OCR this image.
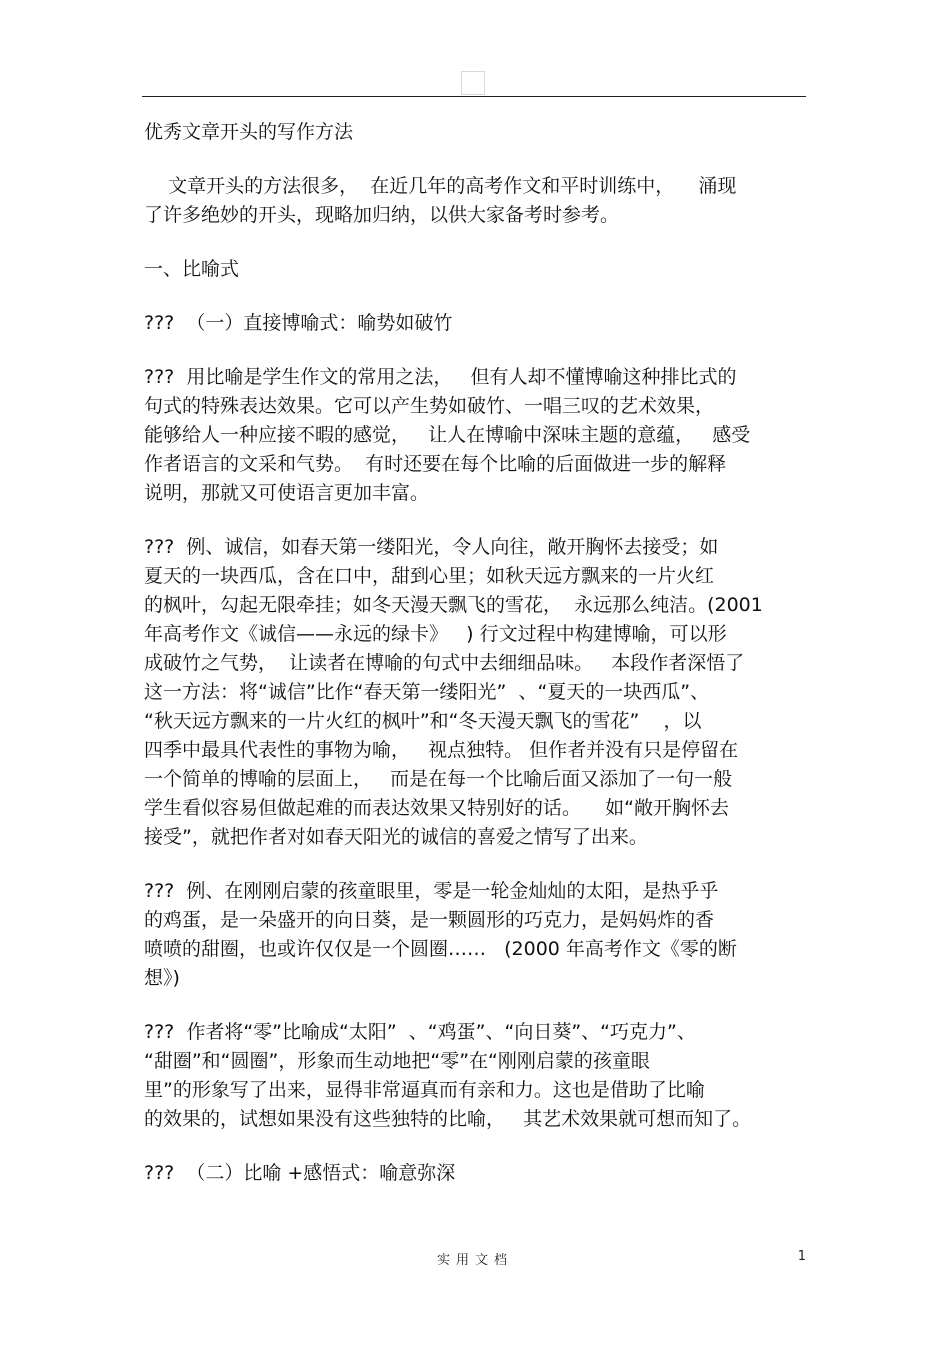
优秀文章开头的写作方法
文章开头的方法很多，  在近几年的高考作文和平时训练中，    涌现
了许多绝妙的开头，现略加归纳，以供大家备考时参考。
一、比喻式
???  （一）直接博喻式：喻势如破竹
???  用比喻是学生作文的常用之法，   但有人却不懂博喻这种排比式的
句式的特殊表达效果。它可以产生势如破竹、一唱三叹的艺术效果，
能够给人一种应接不暇的感觉，   让人在博喻中深味主题的意蕴，   感受
作者语言的文采和气势。  有时还要在每个比喻的后面做进一步的解释
说明，那就又可使语言更加丰富。
???  例、诚信，如春天第一缕阳光，令人向往，敞开胸怀去接受；如
夏天的一块西瓜，含在口中，甜到心里；如秋天远方飘来的一片火红
的枫叶，勾起无限牵挂；如冬天漫天飘飞的雪花，  永远那么纯洁。(2001
年高考作文《诚信——永远的绿卡》   ) 行文过程中构建博喻，可以形
成破竹之气势，  让读者在博喻的句式中去细细品味。   本段作者深悟了
这一方法：将“诚信”比作“春天第一缕阳光”  、“夏天的一块西瓜”、
“秋天远方飘来的一片火红的枫叶”和“冬天漫天飘飞的雪花”    ，以
四季中最具代表性的事物为喻，   视点独特。 但作者并没有只是停留在
一个简单的博喻的层面上，   而是在每一个比喻后面又添加了一句一般
学生看似容易但做起难的而表达效果又特别好的话。    如“敞开胸怀去
接受”，就把作者对如春天阳光的诚信的喜爱之情写了出来。
???  例、在刚刚启蒙的孩童眼里，零是一轮金灿灿的太阳，是热乎乎
的鸡蛋，是一朵盛开的向日葵，是一颗圆形的巧克力，是妈妈炸的香
喷喷的甜圈，也或许仅仅是一个圆圈……   (2000 年高考作文《零的断
想》)
???  作者将“零”比喻成“太阳”  、“鸡蛋”、“向日葵”、“巧克力”、
“甜圈”和“圆圈”，形象而生动地把“零”在“刚刚启蒙的孩童眼
里”的形象写了出来，显得非常逼真而有亲和力。这也是借助了比喻
的效果的，试想如果没有这些独特的比喻，   其艺术效果就可想而知了。
???  （二）比喻 +感悟式：喻意弥深
实用文档	1
